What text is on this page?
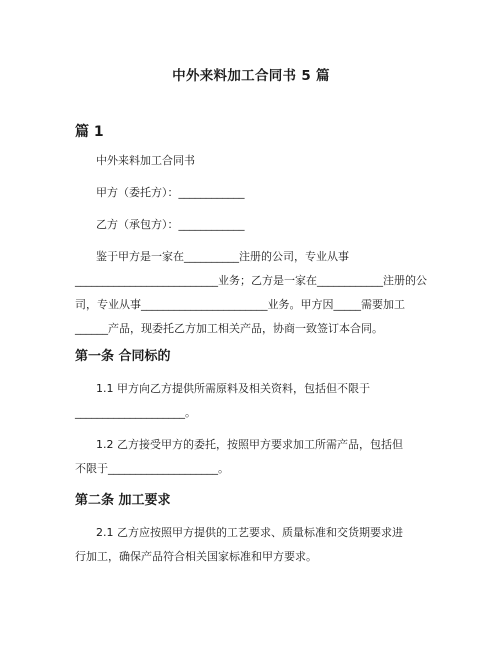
中外来料加工合同书 5 篇
篇 1
中外来料加工合同书
甲方（委托方）：____________
乙方（承包方）：____________

鉴于甲方是一家在__________注册的公司，专业从事

__________________________业务；乙方是一家在____________注册的公

司，专业从事_______________________业务。甲方因_____需要加工

______产品，现委托乙方加工相关产品，协商一致签订本合同。

第一条 合同标的

1.1 甲方向乙方提供所需原料及相关资料，包括但不限于

____________________。

1.2 乙方接受甲方的委托，按照甲方要求加工所需产品，包括但

不限于____________________。

第二条 加工要求

2.1 乙方应按照甲方提供的工艺要求、质量标准和交货期要求进

行加工，确保产品符合相关国家标准和甲方要求。
